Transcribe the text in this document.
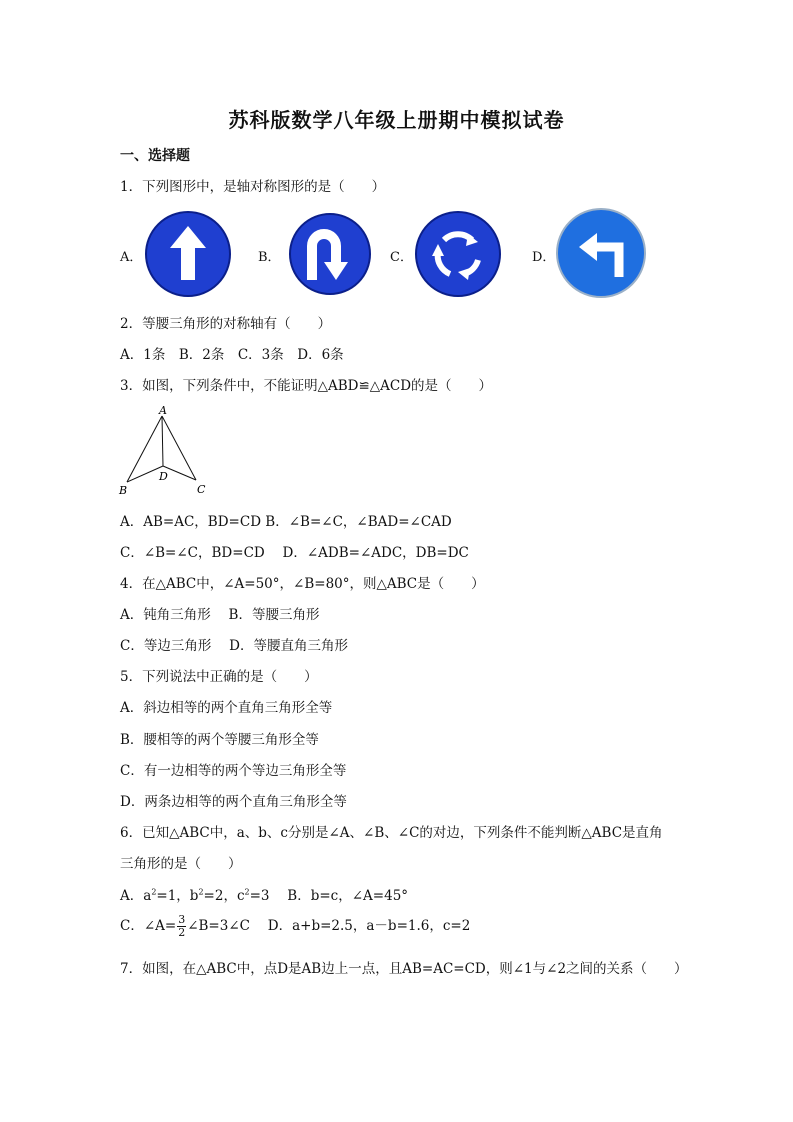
苏科版数学八年级上册期中模拟试卷
一、选择题
1．下列图形中，是轴对称图形的是（　　）
A．	B．	C．	D．
2．等腰三角形的对称轴有（　　）
A．1条　B．2条　C．3条　D．6条
3．如图，下列条件中，不能证明△ABD≌△ACD的是（　　）
A
B
D
C
A．AB=AC，BD=CD B．∠B=∠C，∠BAD=∠CAD
C．∠B=∠C，BD=CD　 D．∠ADB=∠ADC，DB=DC
4．在△ABC中，∠A=50°，∠B=80°，则△ABC是（　　）
A．钝角三角形　 B．等腰三角形
C．等边三角形　 D．等腰直角三角形
5．下列说法中正确的是（　　）
A．斜边相等的两个直角三角形全等
B．腰相等的两个等腰三角形全等
C．有一边相等的两个等边三角形全等
D．两条边相等的两个直角三角形全等
6．已知△ABC中，a、b、c分别是∠A、∠B、∠C的对边，下列条件不能判断△ABC是直角
三角形的是（　　）
A．$a^2=1$，$b^2=2$，$c^2=3$　 B．b=c，∠A=45°
C．∠A= $\frac{3}{2}$ ∠B=3∠C　 D．a+b=2.5，a－b=1.6，c=2
7．如图，在△ABC中，点D是AB边上一点，且AB=AC=CD，则∠1与∠2之间的关系（　　）
